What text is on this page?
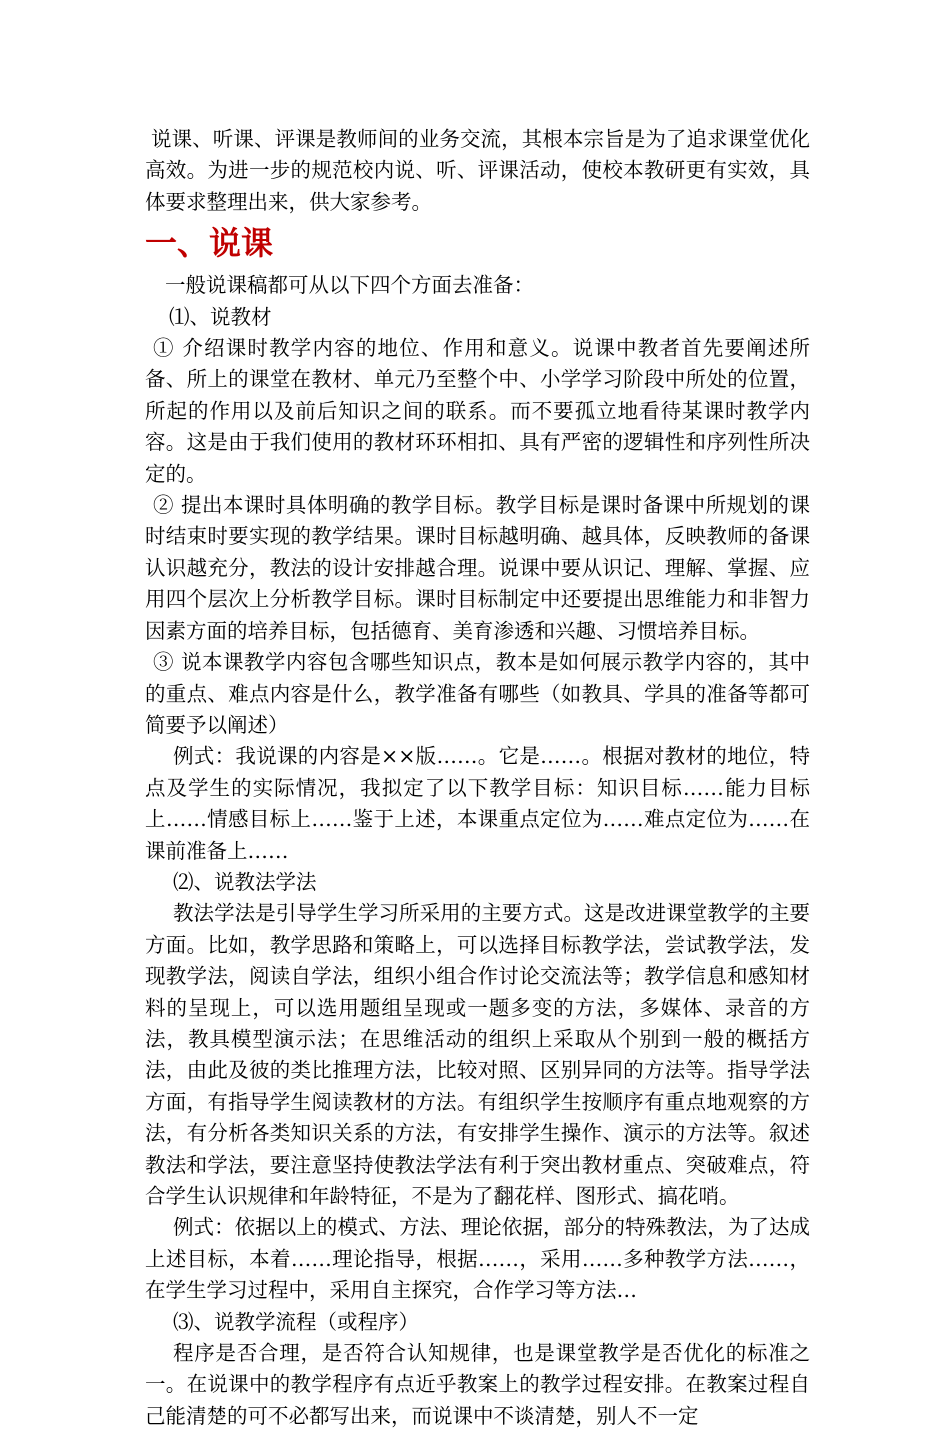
说课、听课、评课是教师间的业务交流，其根本宗旨是为了追求课堂优化高效。为进一步的规范校内说、听、评课活动，使校本教研更有实效，具体要求整理出来，供大家参考。

一、说课

一般说课稿都可从以下四个方面去准备：

⑴、说教材

① 介绍课时教学内容的地位、作用和意义。说课中教者首先要阐述所备、所上的课堂在教材、单元乃至整个中、小学学习阶段中所处的位置，所起的作用以及前后知识之间的联系。而不要孤立地看待某课时教学内容。这是由于我们使用的教材环环相扣、具有严密的逻辑性和序列性所决定的。

② 提出本课时具体明确的教学目标。教学目标是课时备课中所规划的课时结束时要实现的教学结果。课时目标越明确、越具体，反映教师的备课认识越充分，教法的设计安排越合理。说课中要从识记、理解、掌握、应用四个层次上分析教学目标。课时目标制定中还要提出思维能力和非智力因素方面的培养目标，包括德育、美育渗透和兴趣、习惯培养目标。

③ 说本课教学内容包含哪些知识点，教本是如何展示教学内容的，其中的重点、难点内容是什么，教学准备有哪些（如教具、学具的准备等都可简要予以阐述）

例式：我说课的内容是××版……。它是……。根据对教材的地位，特点及学生的实际情况，我拟定了以下教学目标：知识目标……能力目标上……情感目标上……鉴于上述，本课重点定位为……难点定位为……在课前准备上……

⑵、说教法学法

教法学法是引导学生学习所采用的主要方式。这是改进课堂教学的主要方面。比如，教学思路和策略上，可以选择目标教学法，尝试教学法，发现教学法，阅读自学法，组织小组合作讨论交流法等；教学信息和感知材料的呈现上，可以选用题组呈现或一题多变的方法，多媒体、录音的方法，教具模型演示法；在思维活动的组织上采取从个别到一般的概括方法，由此及彼的类比推理方法，比较对照、区别异同的方法等。指导学法方面，有指导学生阅读教材的方法。有组织学生按顺序有重点地观察的方法，有分析各类知识关系的方法，有安排学生操作、演示的方法等。叙述教法和学法，要注意坚持使教法学法有利于突出教材重点、突破难点，符合学生认识规律和年龄特征，不是为了翻花样、图形式、搞花哨。

例式：依据以上的模式、方法、理论依据，部分的特殊教法，为了达成上述目标，本着……理论指导，根据……，采用……多种教学方法……，在学生学习过程中，采用自主探究，合作学习等方法…

⑶、说教学流程（或程序）

程序是否合理，是否符合认知规律，也是课堂教学是否优化的标准之一。在说课中的教学程序有点近乎教案上的教学过程安排。在教案过程自己能清楚的可不必都写出来，而说课中不谈清楚，别人不一定
